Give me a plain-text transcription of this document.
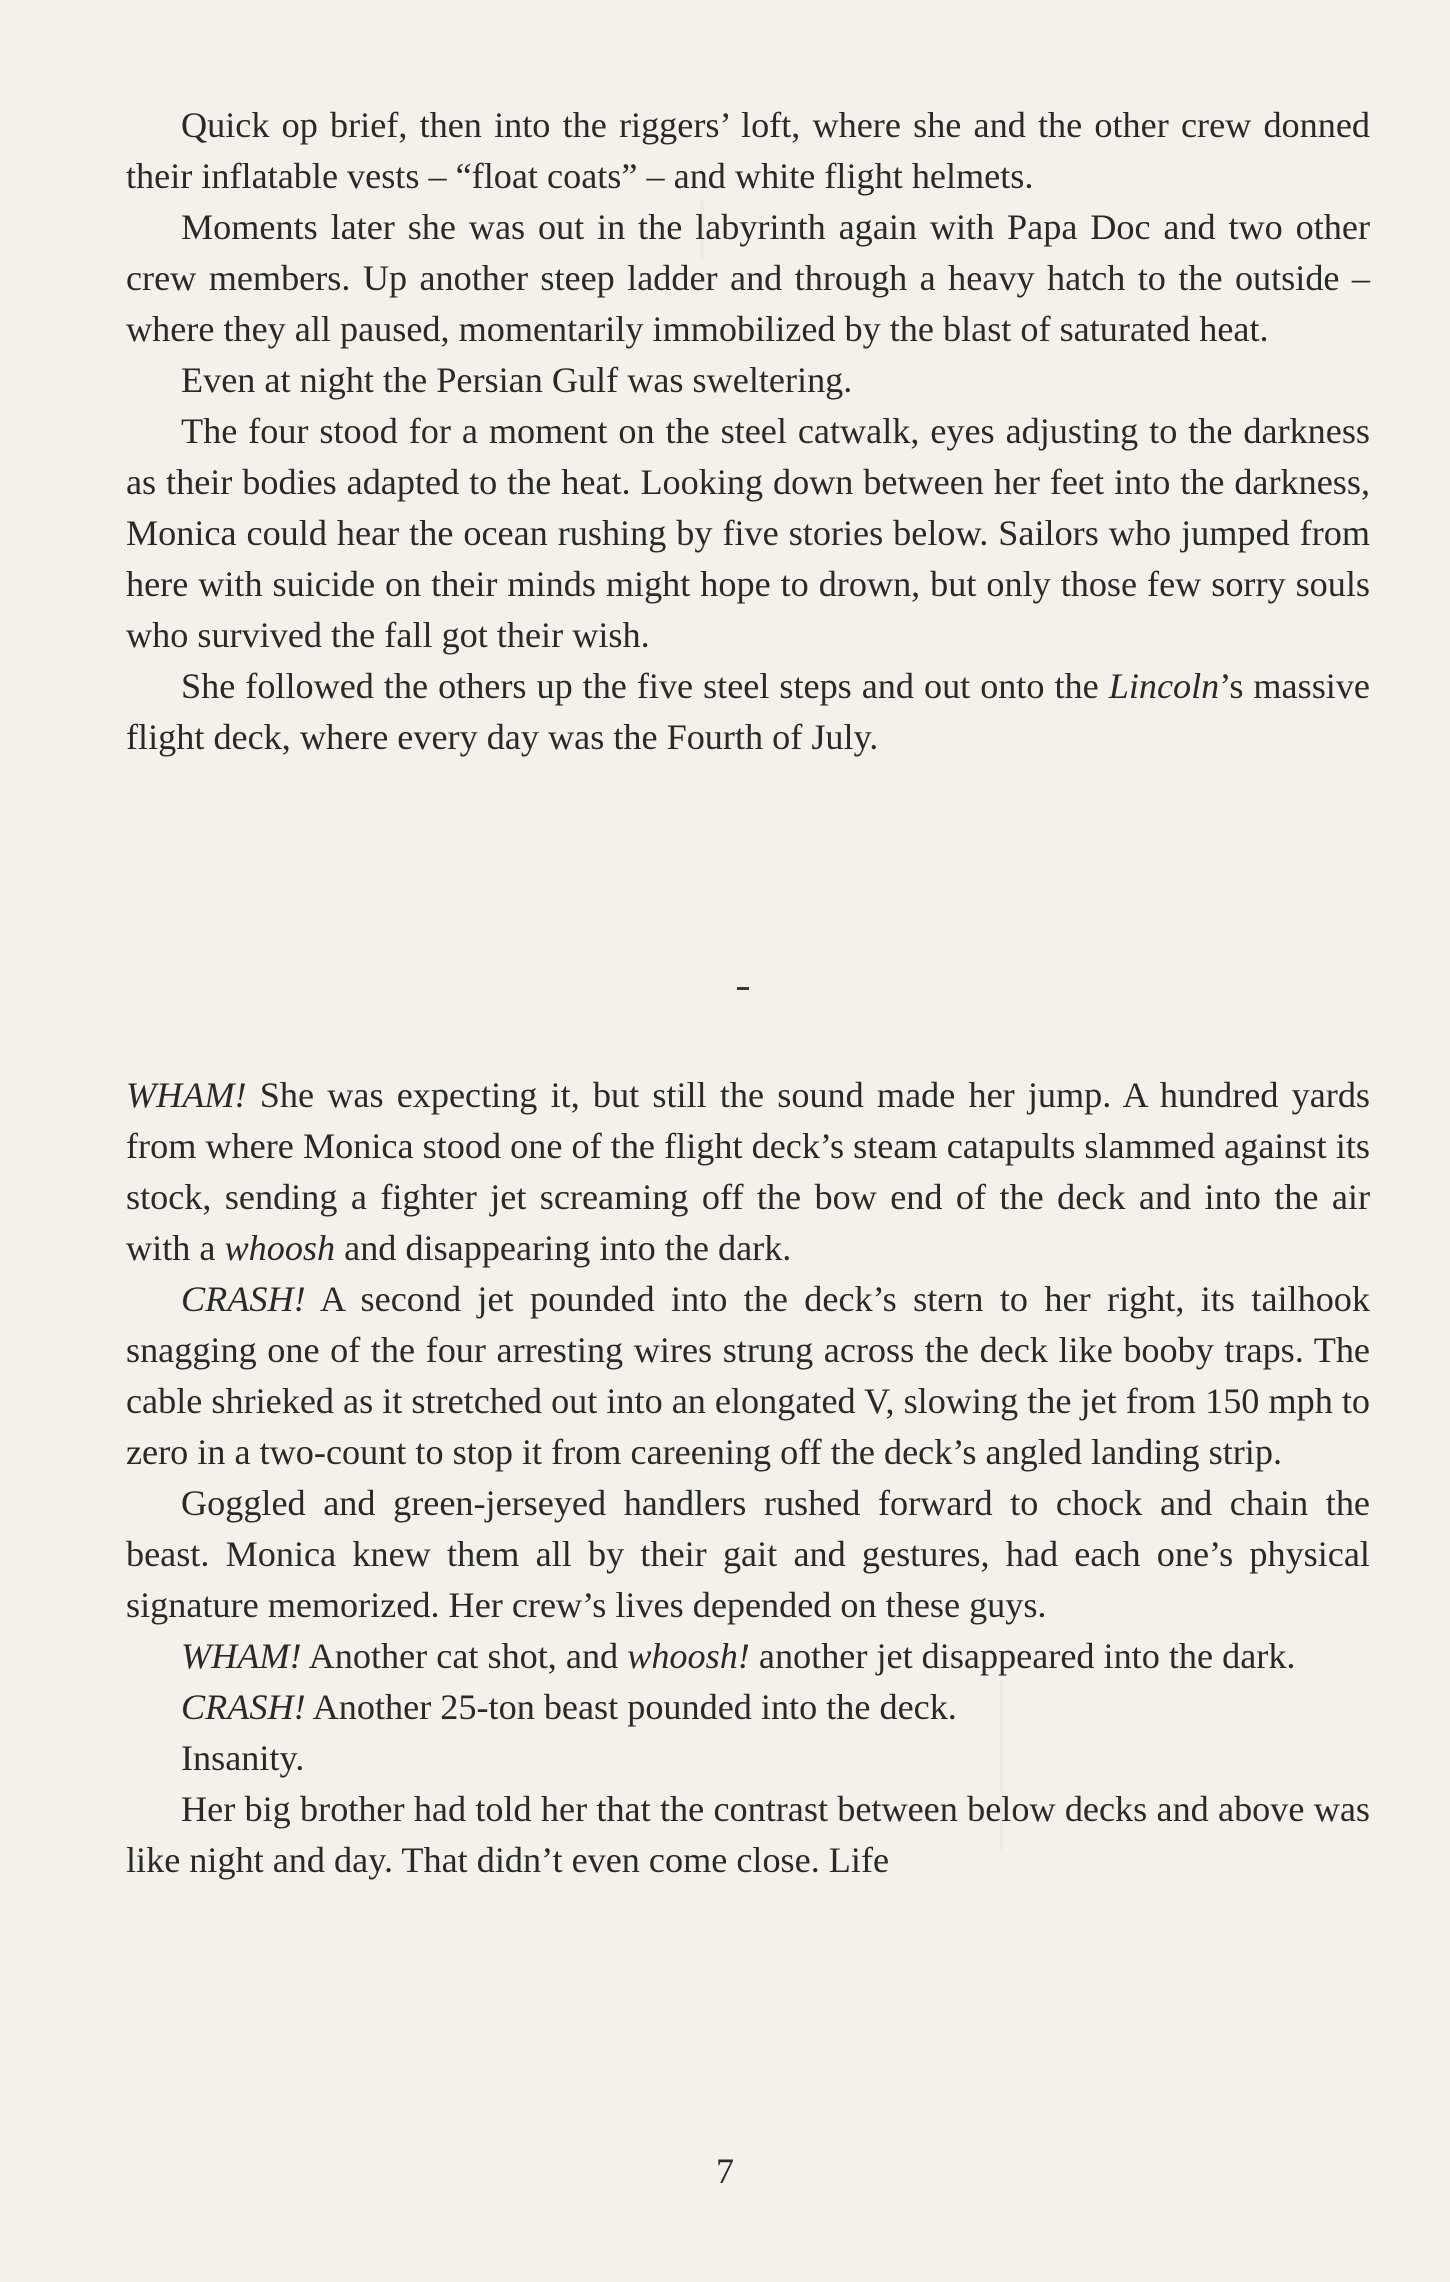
Quick op brief, then into the riggers’ loft, where she and the other crew donned their inflatable vests – “float coats” – and white flight helmets.

Moments later she was out in the labyrinth again with Papa Doc and two other crew members. Up another steep ladder and through a heavy hatch to the outside – where they all paused, momentarily immobilized by the blast of saturated heat.

Even at night the Persian Gulf was sweltering.

The four stood for a moment on the steel catwalk, eyes adjusting to the darkness as their bodies adapted to the heat. Looking down between her feet into the darkness, Monica could hear the ocean rushing by five stories below. Sailors who jumped from here with suicide on their minds might hope to drown, but only those few sorry souls who survived the fall got their wish.

She followed the others up the five steel steps and out onto the Lincoln’s massive flight deck, where every day was the Fourth of July.

WHAM! She was expecting it, but still the sound made her jump. A hundred yards from where Monica stood one of the flight deck’s steam catapults slammed against its stock, sending a fighter jet screaming off the bow end of the deck and into the air with a whoosh and disappearing into the dark.

CRASH! A second jet pounded into the deck’s stern to her right, its tailhook snagging one of the four arresting wires strung across the deck like booby traps. The cable shrieked as it stretched out into an elongated V, slowing the jet from 150 mph to zero in a two-count to stop it from careening off the deck’s angled landing strip.

Goggled and green-jerseyed handlers rushed forward to chock and chain the beast. Monica knew them all by their gait and gestures, had each one’s physical signature memorized. Her crew’s lives depended on these guys.

WHAM! Another cat shot, and whoosh! another jet disappeared into the dark.

CRASH! Another 25-ton beast pounded into the deck.

Insanity.

Her big brother had told her that the contrast between below decks and above was like night and day. That didn’t even come close. Life

7
